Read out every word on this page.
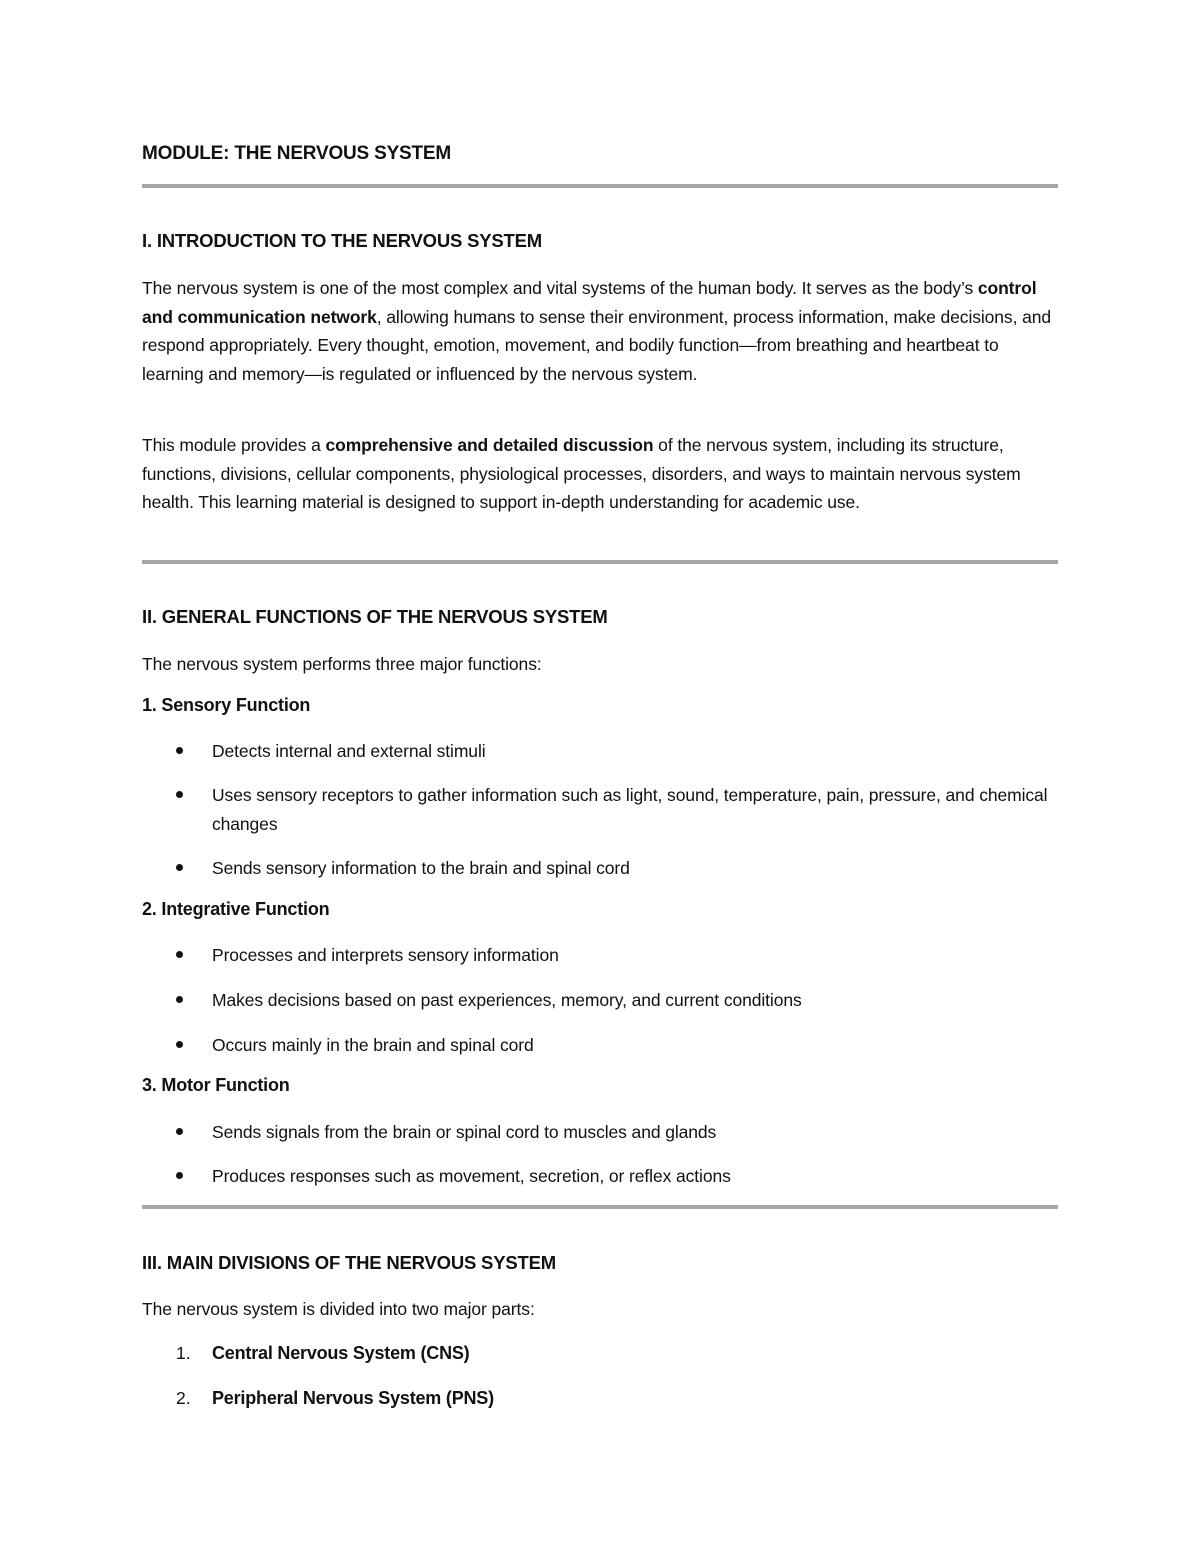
MODULE: THE NERVOUS SYSTEM
I. INTRODUCTION TO THE NERVOUS SYSTEM

The nervous system is one of the most complex and vital systems of the human body. It serves as the body’s control and communication network, allowing humans to sense their environment, process information, make decisions, and respond appropriately. Every thought, emotion, movement, and bodily function—from breathing and heartbeat to learning and memory—is regulated or influenced by the nervous system.

This module provides a comprehensive and detailed discussion of the nervous system, including its structure, functions, divisions, cellular components, physiological processes, disorders, and ways to maintain nervous system health. This learning material is designed to support in-depth understanding for academic use.

II. GENERAL FUNCTIONS OF THE NERVOUS SYSTEM

The nervous system performs three major functions:

1. Sensory Function
Detects internal and external stimuli
Uses sensory receptors to gather information such as light, sound, temperature, pain, pressure, and chemical changes
Sends sensory information to the brain and spinal cord
2. Integrative Function
Processes and interprets sensory information
Makes decisions based on past experiences, memory, and current conditions
Occurs mainly in the brain and spinal cord
3. Motor Function
Sends signals from the brain or spinal cord to muscles and glands
Produces responses such as movement, secretion, or reflex actions
III. MAIN DIVISIONS OF THE NERVOUS SYSTEM

The nervous system is divided into two major parts:

1. Central Nervous System (CNS)
2. Peripheral Nervous System (PNS)
